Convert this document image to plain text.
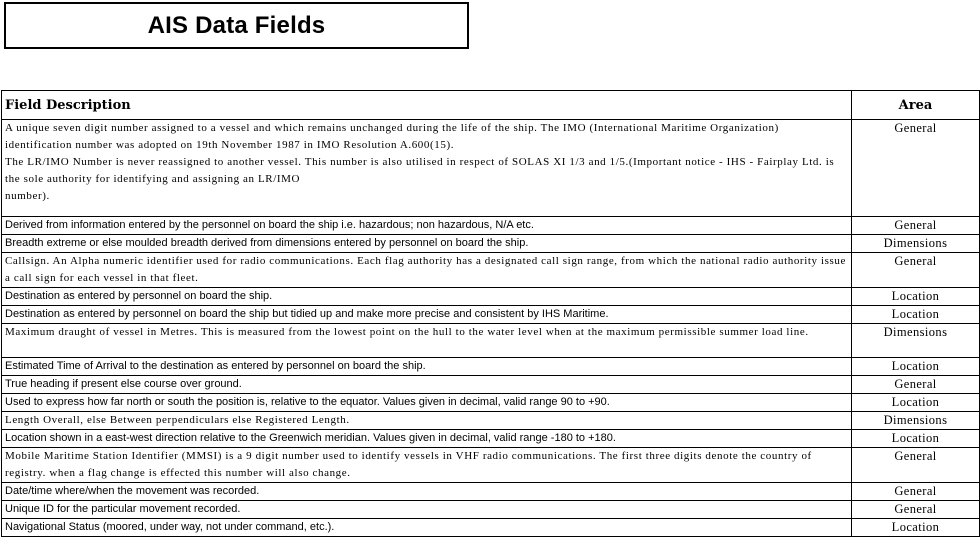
AIS Data Fields
Field Description	Area
A unique seven digit number assigned to a vessel and which remains unchanged during the life of the ship. The IMO (International Maritime Organization) identification number was adopted on 19th November 1987 in IMO Resolution A.600(15).
The LR/IMO Number is never reassigned to another vessel. This number is also utilised in respect of SOLAS XI 1/3 and 1/5.(Important notice - IHS - Fairplay Ltd. is the sole authority for identifying and assigning an LR/IMO
number).	General
Derived from information entered by the personnel on board the ship i.e. hazardous; non hazardous, N/A etc.	General
Breadth extreme or else moulded breadth derived from dimensions entered by personnel on board the ship.	Dimensions
Callsign. An Alpha numeric identifier used for radio communications. Each flag authority has a designated call sign range, from which the national radio authority issue a call sign for each vessel in that fleet.	General
Destination as entered by personnel on board the ship.	Location
Destination as entered by personnel on board the ship but tidied up and make more precise and consistent by IHS Maritime.	Location
Maximum draught of vessel in Metres. This is measured from the lowest point on the hull to the water level when at the maximum permissible summer load line.	Dimensions
Estimated Time of Arrival to the destination as entered by personnel on board the ship.	Location
True heading if present else course over ground.	General
Used to express how far north or south the position is, relative to the equator. Values given in decimal, valid range 90 to +90.	Location
Length Overall, else Between perpendiculars else Registered Length.	Dimensions
Location shown in a east-west direction relative to the Greenwich meridian. Values given in decimal, valid range -180 to +180.	Location
Mobile Maritime Station Identifier (MMSI) is a 9 digit number used to identify vessels in VHF radio communications. The first three digits denote the country of registry. when a flag change is effected this number will also change.	General
Date/time where/when the movement was recorded.	General
Unique ID for the particular movement recorded.	General
Navigational Status (moored, under way, not under command, etc.).	Location
